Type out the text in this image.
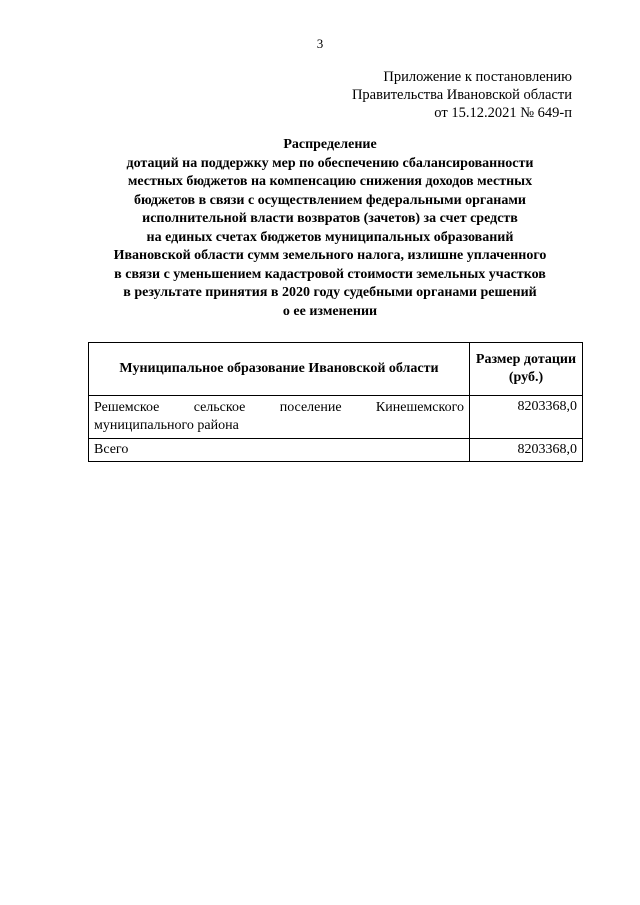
3
Приложение к постановлению
Правительства Ивановской области
от 15.12.2021 № 649-п
Распределение
дотаций на поддержку мер по обеспечению сбалансированности
местных бюджетов на компенсацию снижения доходов местных
бюджетов в связи с осуществлением федеральными органами
исполнительной власти возвратов (зачетов) за счет средств
на единых счетах бюджетов муниципальных образований
Ивановской области сумм земельного налога, излишне уплаченного
в связи с уменьшением кадастровой стоимости земельных участков
в результате принятия в 2020 году судебными органами решений
о ее изменении
Муниципальное образование Ивановской области	Размер дотации (руб.)
Решемское сельское поселение Кинешемского муниципального района	8203368,0
Всего	8203368,0
